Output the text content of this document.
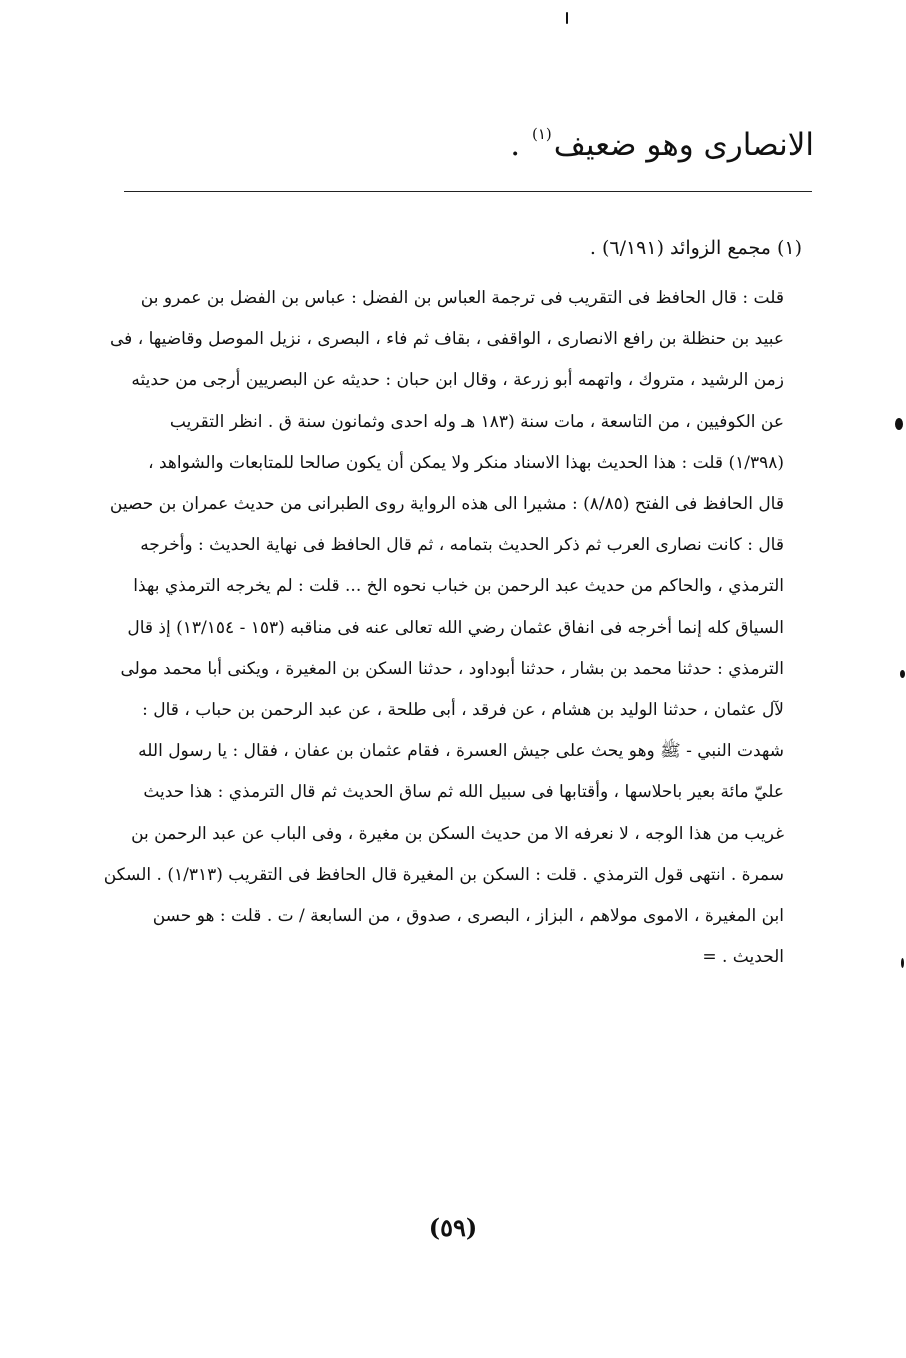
الانصارى وهو ضعيف$^{(١)}$ .
(١) مجمع الزوائد (٦/١٩١) .
قلت : قال الحافظ فى التقريب فى ترجمة العباس بن الفضل : عباس بن الفضل بن عمرو بن
عبيد بن حنظلة بن رافع الانصارى ، الواقفى ، بقاف ثم فاء ، البصرى ، نزيل الموصل وقاضيها ، فى
زمن الرشيد ، متروك ، واتهمه أبو زرعة ، وقال ابن حبان : حديثه عن البصريين أرجى من حديثه
عن الكوفيين ، من التاسعة ، مات سنة (١٨٣ هـ وله احدى وثمانون سنة ق . انظر التقريب
(١/٣٩٨) قلت : هذا الحديث بهذا الاسناد منكر ولا يمكن أن يكون صالحا للمتابعات والشواهد ،
قال الحافظ فى الفتح (٨/٨٥) : مشيرا الى هذه الرواية روى الطبرانى من حديث عمران بن حصين
قال : كانت نصارى العرب ثم ذكر الحديث بتمامه ، ثم قال الحافظ فى نهاية الحديث : وأخرجه
الترمذي ، والحاكم من حديث عبد الرحمن بن خباب نحوه الخ ... قلت : لم يخرجه الترمذي بهذا
السياق كله إنما أخرجه فى انفاق عثمان رضي الله تعالى عنه فى مناقبه (١٥٣ - ١٣/١٥٤) إذ قال
الترمذي : حدثنا محمد بن بشار ، حدثنا أبوداود ، حدثنا السكن بن المغيرة ، ويكنى أبا محمد مولى
لآل عثمان ، حدثنا الوليد بن هشام ، عن فرقد ، أبى طلحة ، عن عبد الرحمن بن حباب ، قال :
شهدت النبي - ﷺ وهو يحث على جيش العسرة ، فقام عثمان بن عفان ، فقال : يا رسول الله
عليّ مائة بعير باحلاسها ، وأقتابها فى سبيل الله ثم ساق الحديث ثم قال الترمذي : هذا حديث
غريب من هذا الوجه ، لا نعرفه الا من حديث السكن بن مغيرة ، وفى الباب عن عبد الرحمن بن
سمرة . انتهى قول الترمذي . قلت : السكن بن المغيرة قال الحافظ فى التقريب (١/٣١٣) . السكن
ابن المغيرة ، الاموى مولاهم ، البزاز ، البصرى ، صدوق ، من السابعة / ت . قلت : هو حسن
الحديث . =
(٥٩)
